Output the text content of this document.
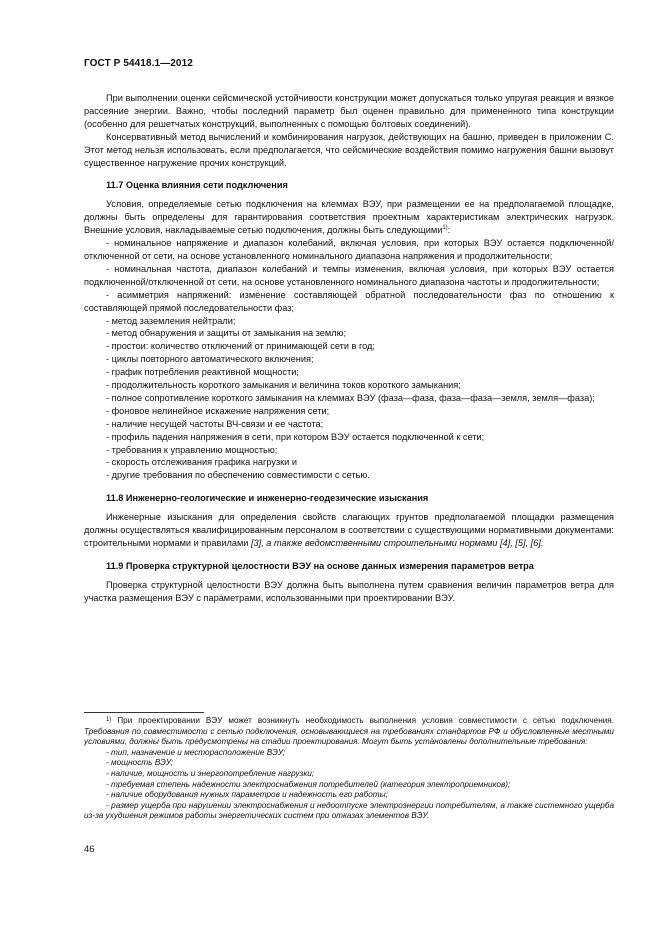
ГОСТ Р 54418.1—2012

При выполнении оценки сейсмической устойчивости конструкции может допускаться только упругая реакция и вязкое рассеяние энергии. Важно, чтобы последний параметр был оценен правильно для примененного типа конструкции (особенно для решетчатых конструкций, выполненных с помощью болтовых соединений).

Консервативный метод вычислений и комбинирования нагрузок, действующих на башню, приведен в приложении С. Этот метод нельзя использовать, если предполагается, что сейсмические воздействия помимо нагружения башни вызовут существенное нагружение прочих конструкций.

11.7 Оценка влияния сети подключения

Условия, определяемые сетью подключения на клеммах ВЭУ, при размещении ее на предполагаемой площадке, должны быть определены для гарантирования соответствия проектным характеристикам электрических нагрузок. Внешние условия, накладываемые сетью подключения, должны быть следующими$^{1)}$:

- номинальное напряжение и диапазон колебаний, включая условия, при которых ВЭУ остается подключенной/отключенной от сети, на основе установленного номинального диапазона напряжения и продолжительности;

- номинальная частота, диапазон колебаний и темпы изменения, включая условия, при которых ВЭУ остается подключенной/отключенной от сети, на основе установленного номинального диапазона частоты и продолжительности;

- асимметрия напряжений: изменение составляющей обратной последовательности фаз по отношению к составляющей прямой последовательности фаз;

- метод заземления нейтрали;

- метод обнаружения и защиты от замыкания на землю;

- простои: количество отключений от принимающей сети в год;

- циклы повторного автоматического включения;

- график потребления реактивной мощности;

- продолжительность короткого замыкания и величина токов короткого замыкания;

- полное сопротивление короткого замыкания на клеммах ВЭУ (фаза—фаза, фаза—фаза—земля, земля—фаза);

- фоновое нелинейное искажение напряжения сети;

- наличие несущей частоты ВЧ-связи и ее частота;

- профиль падения напряжения в сети, при котором ВЭУ остается подключенной к сети;

- требования к управлению мощностью;

- скорость отслеживания графика нагрузки и

- другие требования по обеспечению совместимости с сетью.

11.8 Инженерно-геологические и инженерно-геодезические изыскания

Инженерные изыскания для определения свойств слагающих грунтов предполагаемой площадки размещения должны осуществляться квалифицированным персоналом в соответствии с существующими нормативными документами: строительными нормами и правилами [3], а также ведомственными строительными нормами [4], [5], [6].

11.9 Проверка структурной целостности ВЭУ на основе данных измерения параметров ветра

Проверка структурной целостности ВЭУ должна быть выполнена путем сравнения величин параметров ветра для участка размещения ВЭУ с параметрами, использованными при проектировании ВЭУ.

$^{1)}$ При проектировании ВЭУ может возникнуть необходимость выполнения условия совместимости с сетью подключения. Требования по совместимости с сетью подключения, основывающиеся на требованиях стандартов РФ и обусловленные местными условиями, должны быть предусмотрены на стадии проектирования. Могут быть установлены дополнительные требования:

- тип, назначение и месторасположение ВЭУ;

- мощность ВЭУ;

- наличие, мощность и энергопотребление нагрузки;

- требуемая степень надежности электроснабжения потребителей (категория электроприемников);

- наличие оборудования нужных параметров и надежность его работы;

- размер ущерба при нарушении электроснабжения и недоотпуске электроэнергии потребителям, а также системного ущерба из-за ухудшения режимов работы энергетических систем при отказах элементов ВЭУ.

46
